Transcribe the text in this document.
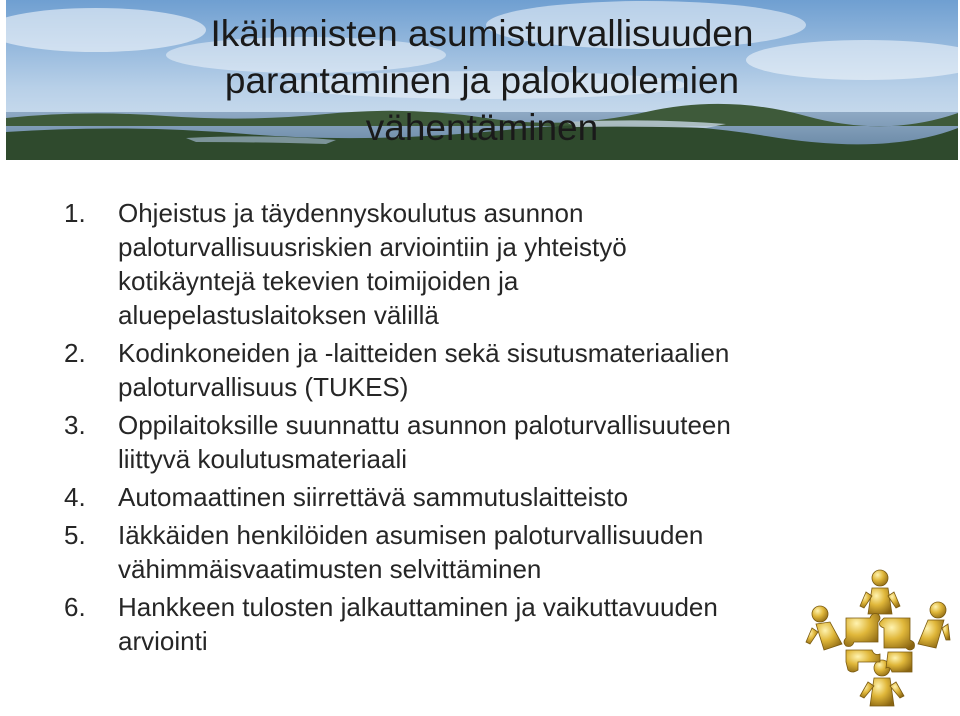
Ikäihmisten asumisturvallisuuden
parantaminen ja palokuolemien
vähentäminen
1. Ohjeistus ja täydennyskoulutus asunnon
paloturvallisuusriskien arviointiin ja yhteistyö
kotikäyntejä tekevien toimijoiden ja
aluepelastuslaitoksen välillä
2. Kodinkoneiden ja -laitteiden sekä sisutusmateriaalien
paloturvallisuus (TUKES)
3. Oppilaitoksille suunnattu asunnon paloturvallisuuteen
liittyvä koulutusmateriaali
4. Automaattinen siirrettävä sammutuslaitteisto
5. Iäkkäiden henkilöiden asumisen paloturvallisuuden
vähimmäisvaatimusten selvittäminen
6. Hankkeen tulosten jalkauttaminen ja vaikuttavuuden
arviointi
